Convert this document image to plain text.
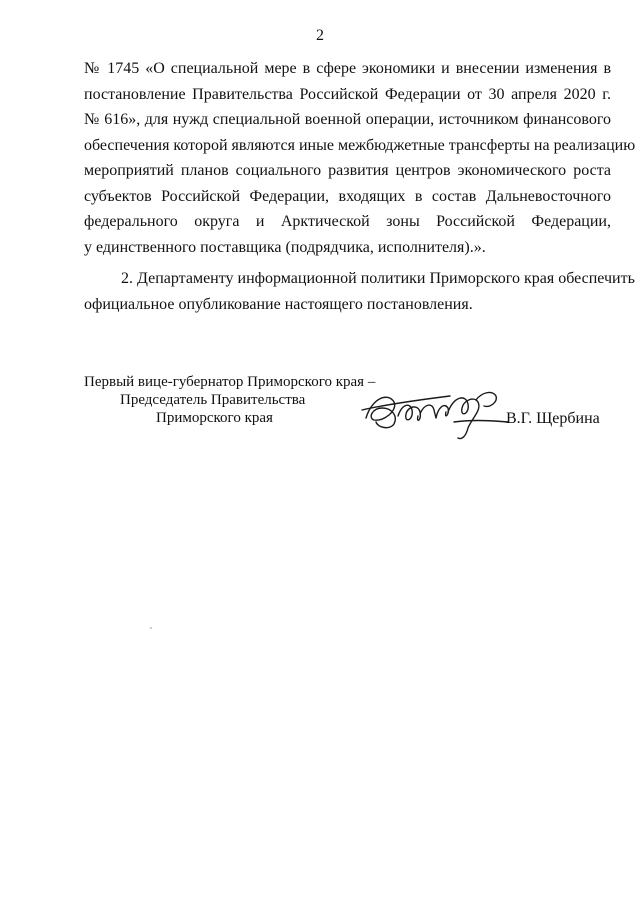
2
№ 1745 «О специальной мере в сфере экономики и внесении изменения в
постановление Правительства Российской Федерации от 30 апреля 2020 г.
№ 616», для нужд специальной военной операции, источником финансового
обеспечения которой являются иные межбюджетные трансферты на реализацию
мероприятий планов социального развития центров экономического роста
субъектов Российской Федерации, входящих в состав Дальневосточного
федерального округа и Арктической зоны Российской Федерации,
у единственного поставщика (подрядчика, исполнителя).».
2. Департаменту информационной политики Приморского края обеспечить
официальное опубликование настоящего постановления.
Первый вице-губернатор Приморского края –
Председатель Правительства
Приморского края	В.Г. Щербина
